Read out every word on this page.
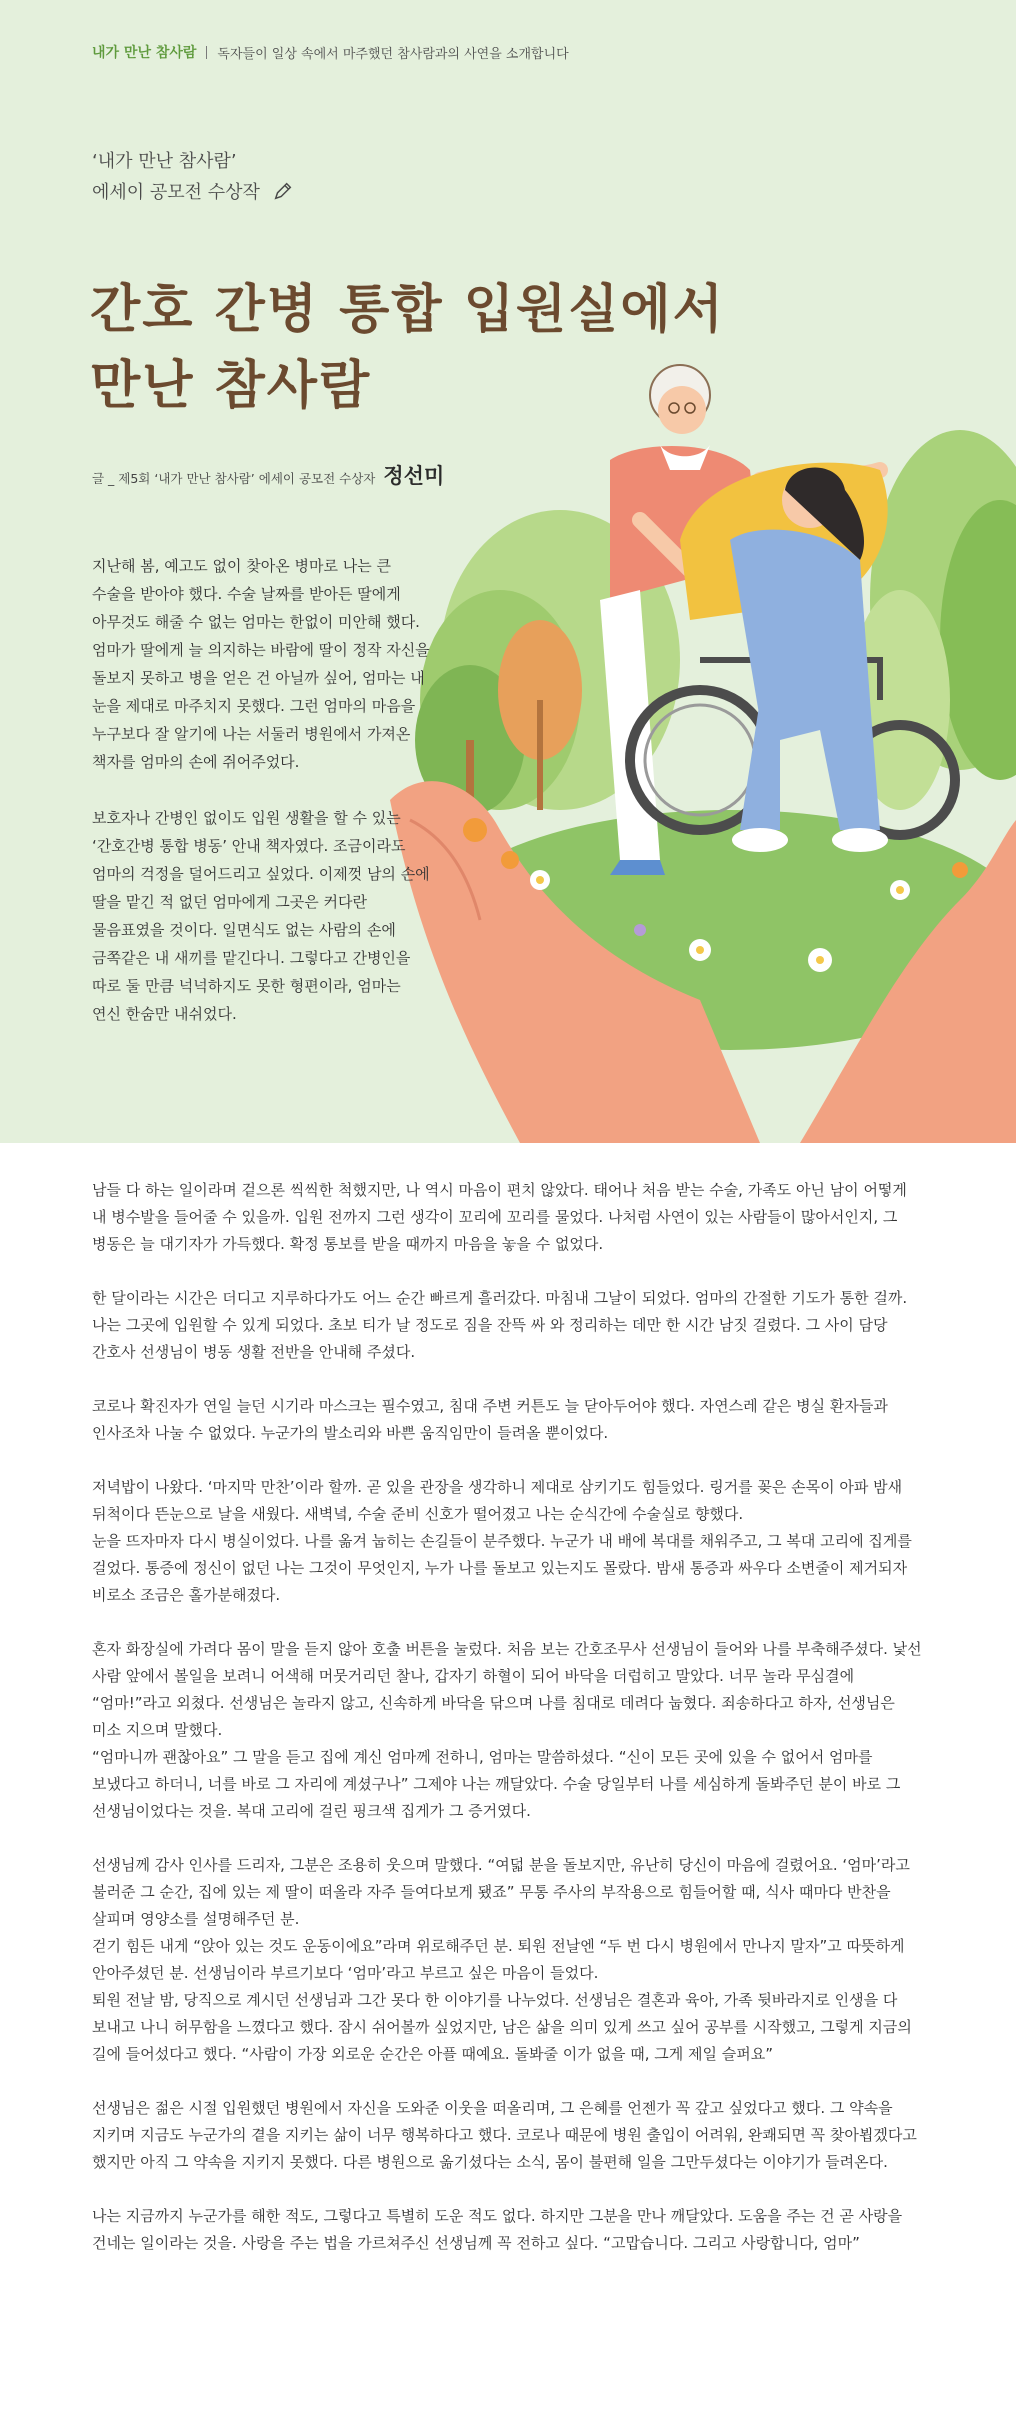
내가 만난 참사람 독자들이 일상 속에서 마주했던 참사람과의 사연을 소개합니다
‘내가 만난 참사람’
에세이 공모전 수상작
간호 간병 통합 입원실에서
만난 참사람
글 _ 제5회 ‘내가 만난 참사람’ 에세이 공모전 수상자 정선미

지난해 봄, 예고도 없이 찾아온 병마로 나는 큰 수술을 받아야 했다. 수술 날짜를 받아든 딸에게 아무것도 해줄 수 없는 엄마는 한없이 미안해 했다. 엄마가 딸에게 늘 의지하는 바람에 딸이 정작 자신을 돌보지 못하고 병을 얻은 건 아닐까 싶어, 엄마는 내 눈을 제대로 마주치지 못했다. 그런 엄마의 마음을 누구보다 잘 알기에 나는 서둘러 병원에서 가져온 책자를 엄마의 손에 쥐어주었다.

보호자나 간병인 없이도 입원 생활을 할 수 있는 ‘간호간병 통합 병동’ 안내 책자였다. 조금이라도 엄마의 걱정을 덜어드리고 싶었다. 이제껏 남의 손에 딸을 맡긴 적 없던 엄마에게 그곳은 커다란 물음표였을 것이다. 일면식도 없는 사람의 손에 금쪽같은 내 새끼를 맡긴다니. 그렇다고 간병인을 따로 둘 만큼 넉넉하지도 못한 형편이라, 엄마는 연신 한숨만 내쉬었다.

남들 다 하는 일이라며 겉으론 씩씩한 척했지만, 나 역시 마음이 편치 않았다. 태어나 처음 받는 수술, 가족도 아닌 남이 어떻게 내 병수발을 들어줄 수 있을까. 입원 전까지 그런 생각이 꼬리에 꼬리를 물었다. 나처럼 사연이 있는 사람들이 많아서인지, 그 병동은 늘 대기자가 가득했다. 확정 통보를 받을 때까지 마음을 놓을 수 없었다.
한 달이라는 시간은 더디고 지루하다가도 어느 순간 빠르게 흘러갔다. 마침내 그날이 되었다. 엄마의 간절한 기도가 통한 걸까. 나는 그곳에 입원할 수 있게 되었다. 초보 티가 날 정도로 짐을 잔뜩 싸 와 정리하는 데만 한 시간 남짓 걸렸다. 그 사이 담당 간호사 선생님이 병동 생활 전반을 안내해 주셨다.
코로나 확진자가 연일 늘던 시기라 마스크는 필수였고, 침대 주변 커튼도 늘 닫아두어야 했다. 자연스레 같은 병실 환자들과 인사조차 나눌 수 없었다. 누군가의 발소리와 바쁜 움직임만이 들려올 뿐이었다.
저녁밥이 나왔다. ‘마지막 만찬’이라 할까. 곧 있을 관장을 생각하니 제대로 삼키기도 힘들었다. 링거를 꽂은 손목이 아파 밤새 뒤척이다 뜬눈으로 날을 새웠다. 새벽녘, 수술 준비 신호가 떨어졌고 나는 순식간에 수술실로 향했다.
눈을 뜨자마자 다시 병실이었다. 나를 옮겨 눕히는 손길들이 분주했다. 누군가 내 배에 복대를 채워주고, 그 복대 고리에 집게를 걸었다. 통증에 정신이 없던 나는 그것이 무엇인지, 누가 나를 돌보고 있는지도 몰랐다. 밤새 통증과 싸우다 소변줄이 제거되자 비로소 조금은 홀가분해졌다.
혼자 화장실에 가려다 몸이 말을 듣지 않아 호출 버튼을 눌렀다. 처음 보는 간호조무사 선생님이 들어와 나를 부축해주셨다. 낯선 사람 앞에서 볼일을 보려니 어색해 머뭇거리던 찰나, 갑자기 하혈이 되어 바닥을 더럽히고 말았다. 너무 놀라 무심결에 “엄마!”라고 외쳤다. 선생님은 놀라지 않고, 신속하게 바닥을 닦으며 나를 침대로 데려다 눕혔다. 죄송하다고 하자, 선생님은 미소 지으며 말했다.
“엄마니까 괜찮아요” 그 말을 듣고 집에 계신 엄마께 전하니, 엄마는 말씀하셨다. “신이 모든 곳에 있을 수 없어서 엄마를 보냈다고 하더니, 너를 바로 그 자리에 계셨구나” 그제야 나는 깨달았다. 수술 당일부터 나를 세심하게 돌봐주던 분이 바로 그 선생님이었다는 것을. 복대 고리에 걸린 핑크색 집게가 그 증거였다.
선생님께 감사 인사를 드리자, 그분은 조용히 웃으며 말했다. “여덟 분을 돌보지만, 유난히 당신이 마음에 걸렸어요. ‘엄마’라고 불러준 그 순간, 집에 있는 제 딸이 떠올라 자주 들여다보게 됐죠” 무통 주사의 부작용으로 힘들어할 때, 식사 때마다 반찬을 살피며 영양소를 설명해주던 분.
걷기 힘든 내게 “앉아 있는 것도 운동이에요”라며 위로해주던 분. 퇴원 전날엔 “두 번 다시 병원에서 만나지 말자”고 따뜻하게 안아주셨던 분. 선생님이라 부르기보다 ‘엄마’라고 부르고 싶은 마음이 들었다.
퇴원 전날 밤, 당직으로 계시던 선생님과 그간 못다 한 이야기를 나누었다. 선생님은 결혼과 육아, 가족 뒷바라지로 인생을 다 보내고 나니 허무함을 느꼈다고 했다. 잠시 쉬어볼까 싶었지만, 남은 삶을 의미 있게 쓰고 싶어 공부를 시작했고, 그렇게 지금의 길에 들어섰다고 했다. “사람이 가장 외로운 순간은 아플 때예요. 돌봐줄 이가 없을 때, 그게 제일 슬퍼요”
선생님은 젊은 시절 입원했던 병원에서 자신을 도와준 이웃을 떠올리며, 그 은혜를 언젠가 꼭 갚고 싶었다고 했다. 그 약속을 지키며 지금도 누군가의 곁을 지키는 삶이 너무 행복하다고 했다. 코로나 때문에 병원 출입이 어려워, 완쾌되면 꼭 찾아뵙겠다고 했지만 아직 그 약속을 지키지 못했다. 다른 병원으로 옮기셨다는 소식, 몸이 불편해 일을 그만두셨다는 이야기가 들려온다.
나는 지금까지 누군가를 해한 적도, 그렇다고 특별히 도운 적도 없다. 하지만 그분을 만나 깨달았다. 도움을 주는 건 곧 사랑을 건네는 일이라는 것을. 사랑을 주는 법을 가르쳐주신 선생님께 꼭 전하고 싶다. “고맙습니다. 그리고 사랑합니다, 엄마”
